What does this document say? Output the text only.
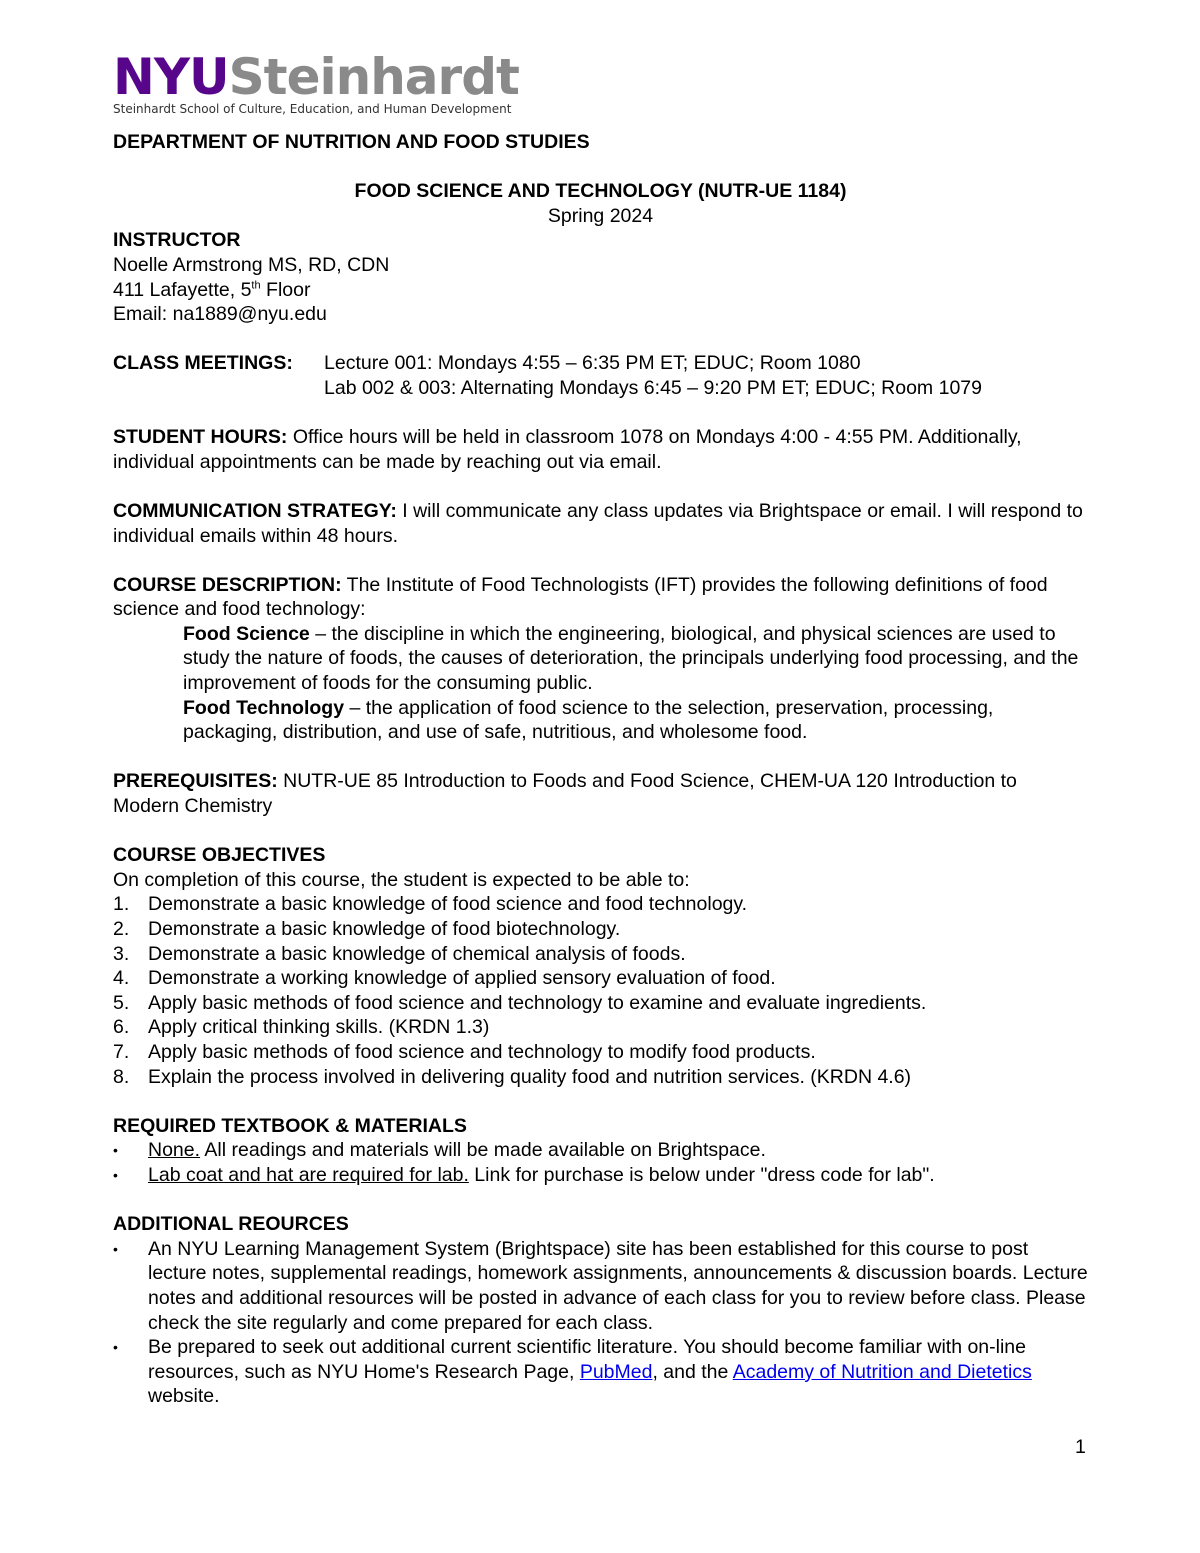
NYUSteinhardt
Steinhardt School of Culture, Education, and Human Development
DEPARTMENT OF NUTRITION AND FOOD STUDIES
FOOD SCIENCE AND TECHNOLOGY (NUTR-UE 1184)
Spring 2024
INSTRUCTOR
Noelle Armstrong MS, RD, CDN
411 Lafayette, 5th Floor
Email: na1889@nyu.edu
CLASS MEETINGS:	Lecture 001: Mondays 4:55 – 6:35 PM ET; EDUC; Room 1080
Lab 002 & 003: Alternating Mondays 6:45 – 9:20 PM ET; EDUC; Room 1079
STUDENT HOURS: Office hours will be held in classroom 1078 on Mondays 4:00 - 4:55 PM. Additionally, individual appointments can be made by reaching out via email.
COMMUNICATION STRATEGY: I will communicate any class updates via Brightspace or email. I will respond to individual emails within 48 hours.
COURSE DESCRIPTION: The Institute of Food Technologists (IFT) provides the following definitions of food science and food technology:
Food Science – the discipline in which the engineering, biological, and physical sciences are used to study the nature of foods, the causes of deterioration, the principals underlying food processing, and the improvement of foods for the consuming public.
Food Technology – the application of food science to the selection, preservation, processing, packaging, distribution, and use of safe, nutritious, and wholesome food.
PREREQUISITES: NUTR-UE 85 Introduction to Foods and Food Science, CHEM-UA 120 Introduction to Modern Chemistry
COURSE OBJECTIVES
On completion of this course, the student is expected to be able to:
1. Demonstrate a basic knowledge of food science and food technology.
2. Demonstrate a basic knowledge of food biotechnology.
3. Demonstrate a basic knowledge of chemical analysis of foods.
4. Demonstrate a working knowledge of applied sensory evaluation of food.
5. Apply basic methods of food science and technology to examine and evaluate ingredients.
6. Apply critical thinking skills. (KRDN 1.3)
7. Apply basic methods of food science and technology to modify food products.
8. Explain the process involved in delivering quality food and nutrition services. (KRDN 4.6)
REQUIRED TEXTBOOK & MATERIALS
•	None. All readings and materials will be made available on Brightspace.
•	Lab coat and hat are required for lab. Link for purchase is below under "dress code for lab".
ADDITIONAL REOURCES
•	An NYU Learning Management System (Brightspace) site has been established for this course to post lecture notes, supplemental readings, homework assignments, announcements & discussion boards. Lecture notes and additional resources will be posted in advance of each class for you to review before class. Please check the site regularly and come prepared for each class.
•	Be prepared to seek out additional current scientific literature. You should become familiar with on-line resources, such as NYU Home's Research Page, PubMed, and the Academy of Nutrition and Dietetics website.
1
